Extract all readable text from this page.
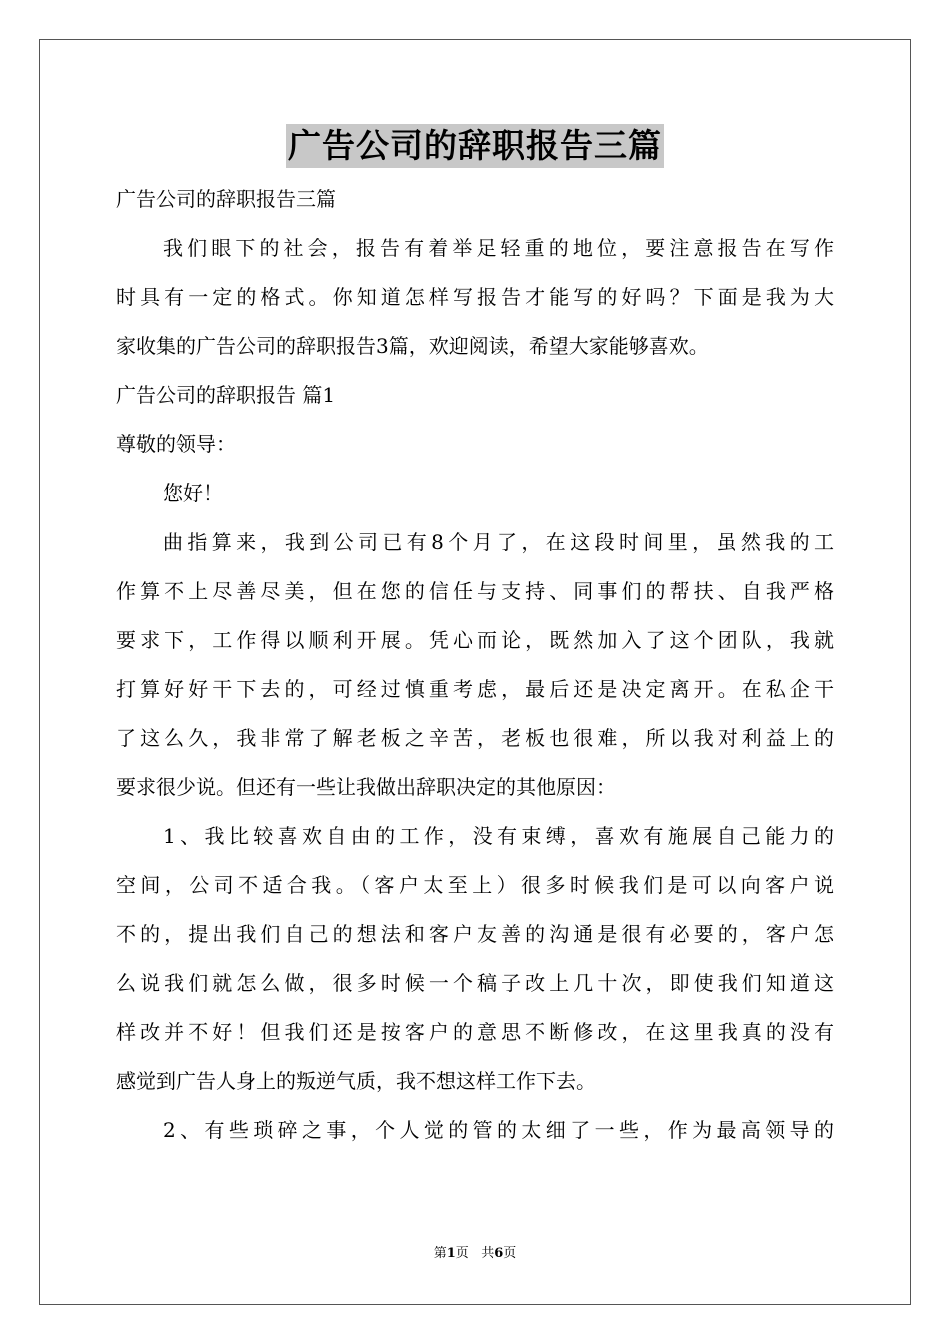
广告公司的辞职报告三篇
广告公司的辞职报告三篇
我们眼下的社会，报告有着举足轻重的地位，要注意报告在写作
时具有一定的格式。你知道怎样写报告才能写的好吗？下面是我为大
家收集的广告公司的辞职报告3篇，欢迎阅读，希望大家能够喜欢。
广告公司的辞职报告 篇1
尊敬的领导：
您好！
曲指算来，我到公司已有8个月了，在这段时间里，虽然我的工
作算不上尽善尽美，但在您的信任与支持、同事们的帮扶、自我严格
要求下，工作得以顺利开展。凭心而论，既然加入了这个团队，我就
打算好好干下去的，可经过慎重考虑，最后还是决定离开。在私企干
了这么久，我非常了解老板之辛苦，老板也很难，所以我对利益上的
要求很少说。但还有一些让我做出辞职决定的其他原因：
1、我比较喜欢自由的工作，没有束缚，喜欢有施展自己能力的
空间，公司不适合我。（客户太至上）很多时候我们是可以向客户说
不的，提出我们自己的想法和客户友善的沟通是很有必要的，客户怎
么说我们就怎么做，很多时候一个稿子改上几十次，即使我们知道这
样改并不好！但我们还是按客户的意思不断修改，在这里我真的没有
感觉到广告人身上的叛逆气质，我不想这样工作下去。
2、有些琐碎之事，个人觉的管的太细了一些，作为最高领导的
第1页 共6页
